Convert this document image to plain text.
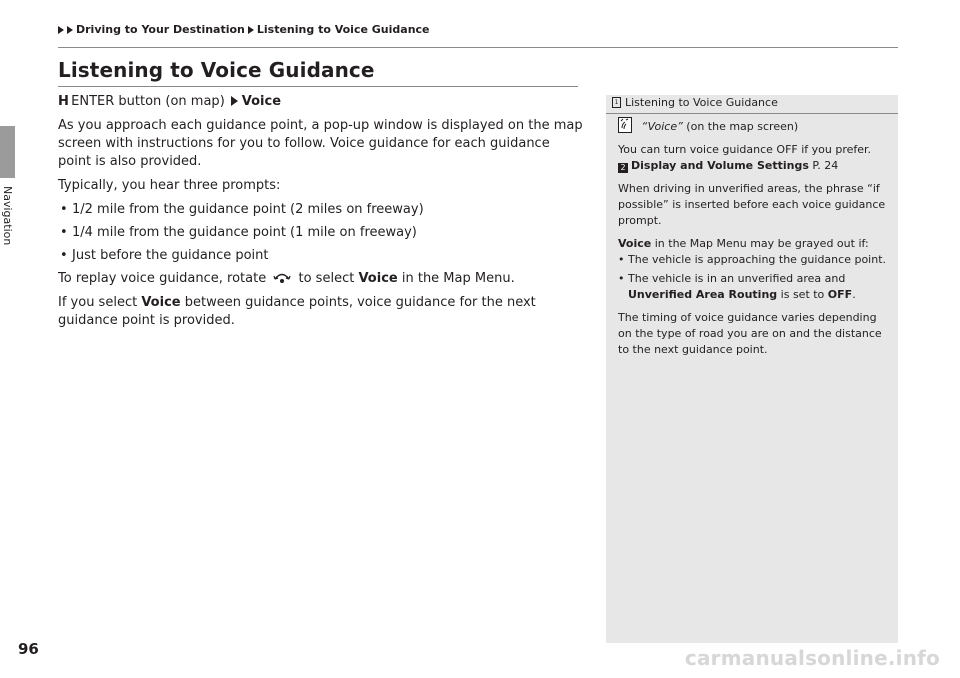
Navigation
Driving to Your Destination Listening to Voice Guidance
Listening to Voice Guidance

H ENTER button (on map) Voice

As you approach each guidance point, a pop-up window is displayed on the map screen with instructions for you to follow. Voice guidance for each guidance point is also provided.

Typically, you hear three prompts:

• 1/2 mile from the guidance point (2 miles on freeway)
• 1/4 mile from the guidance point (1 mile on freeway)
• Just before the guidance point

To replay voice guidance, rotate to select Voice in the Map Menu.

If you select Voice between guidance points, voice guidance for the next guidance point is provided.

1 Listening to Voice Guidance

“Voice” (on the map screen)

You can turn voice guidance OFF if you prefer.
2 Display and Volume Settings P. 24

When driving in unverified areas, the phrase “if possible” is inserted before each voice guidance prompt.

Voice in the Map Menu may be grayed out if:

• The vehicle is approaching the guidance point.
• The vehicle is in an unverified area and
Unverified Area Routing is set to OFF.

The timing of voice guidance varies depending on the type of road you are on and the distance to the next guidance point.

96	carmanualsonline.info
